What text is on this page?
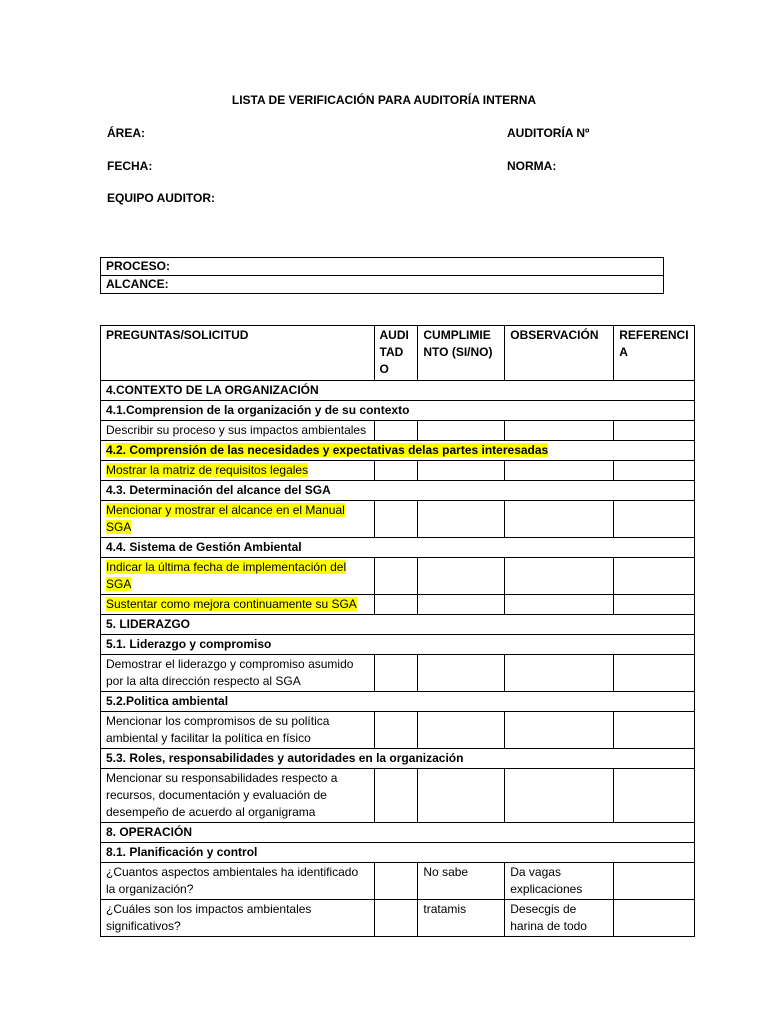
LISTA DE VERIFICACIÓN PARA AUDITORÍA INTERNA
ÁREA:	AUDITORÍA Nº
FECHA:	NORMA:
EQUIPO AUDITOR:
PROCESO:
ALCANCE:
PREGUNTAS/SOLICITUD	AUDITADO	CUMPLIMIENTO (SI/NO)	OBSERVACIÓN	REFERENCIA
4.CONTEXTO DE LA ORGANIZACIÓN				
4.1.Comprension de la organización y de su contexto				
Describir su proceso y sus impactos ambientales				
4.2. Comprensión de las necesidades y expectativas delas partes interesadas				
Mostrar la matriz de requisitos legales				
4.3. Determinación del alcance del SGA				
Mencionar y mostrar el alcance en el Manual SGA				
4.4. Sistema de Gestión Ambiental				
Indicar la última fecha de implementación del SGA				
Sustentar como mejora continuamente su SGA				
5. LIDERAZGO				
5.1. Liderazgo y compromiso				
Demostrar el liderazgo y compromiso asumido por la alta dirección respecto al SGA				
5.2.Politica ambiental				
Mencionar los compromisos de su política ambiental y facilitar la política en físico				
5.3. Roles, responsabilidades y autoridades en la organización				
Mencionar su responsabilidades respecto a recursos, documentación y evaluación de desempeño de acuerdo al organigrama				
8. OPERACIÓN				
8.1. Planificación y control				
¿Cuantos aspectos ambientales ha identificado la organización?		No sabe	Da vagas explicaciones	
¿Cuáles son los impactos ambientales significativos?		tratamis	Desecgis de harina de todo	
